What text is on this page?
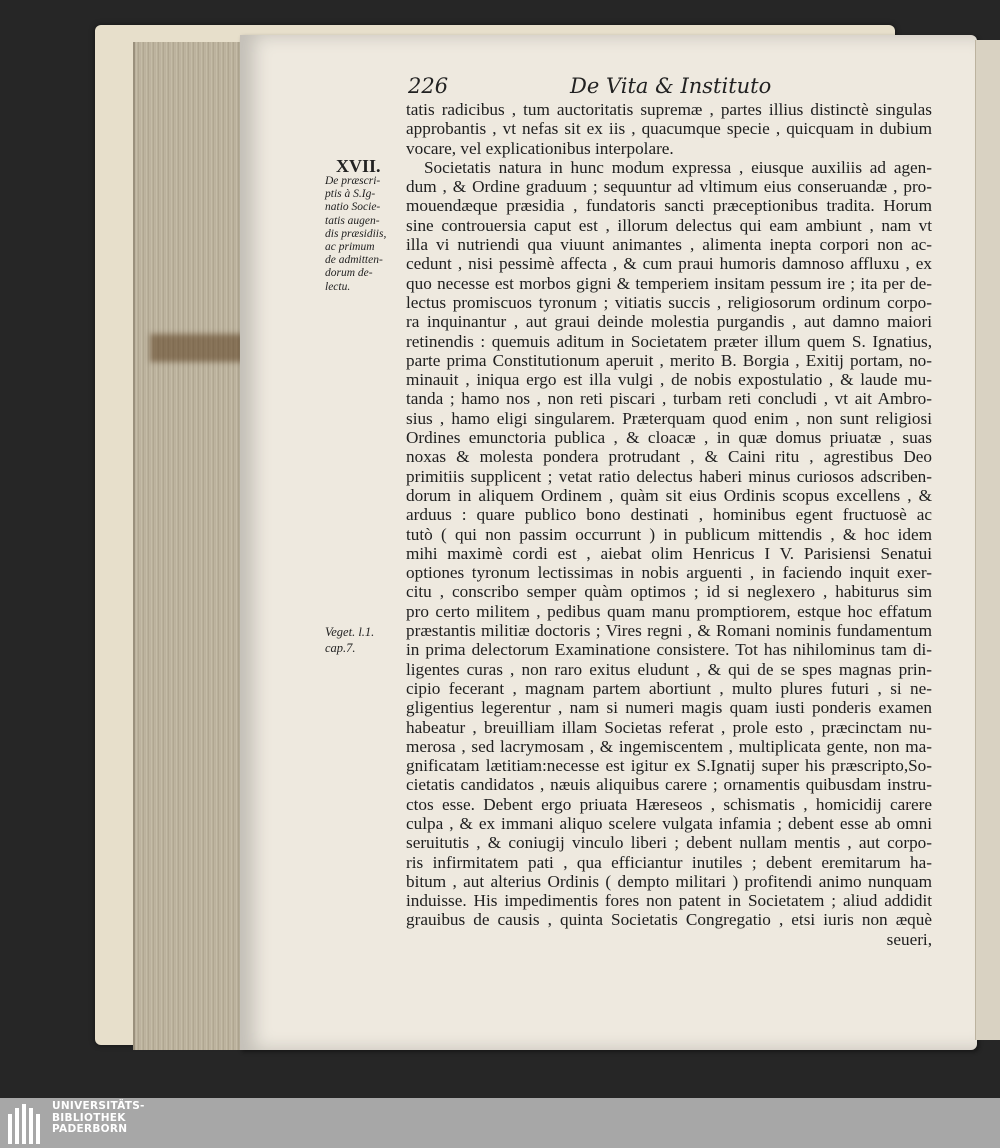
226	De Vita & Instituto
XVII.
De præscri-
ptis à S.Ig-
natio Socie-
tatis augen-
dis præsidiis,
ac primum
de admitten-
dorum de-
lectu.
Veget. l.1.
cap.7.
tatis radicibus , tum auctoritatis supremæ , partes illius distinctè singulas
approbantis , vt nefas sit ex iis , quacumque specie , quicquam in dubium
vocare, vel explicationibus interpolare.
Societatis natura in hunc modum expressa , eiusque auxiliis ad agen-
dum , & Ordine graduum ; sequuntur ad vltimum eius conseruandæ , pro-
mouendæque præsidia , fundatoris sancti præceptionibus tradita. Horum
sine controuersia caput est , illorum delectus qui eam ambiunt , nam vt
illa vi nutriendi qua viuunt animantes , alimenta inepta corpori non ac-
cedunt , nisi pessimè affecta , & cum praui humoris damnoso affluxu , ex
quo necesse est morbos gigni & temperiem insitam pessum ire ; ita per de-
lectus promiscuos tyronum ; vitiatis succis , religiosorum ordinum corpo-
ra inquinantur , aut graui deinde molestia purgandis , aut damno maiori
retinendis : quemuis aditum in Societatem præter illum quem S. Ignatius,
parte prima Constitutionum aperuit , merito B. Borgia , Exitij portam, no-
minauit , iniqua ergo est illa vulgi , de nobis expostulatio , & laude mu-
tanda ; hamo nos , non reti piscari , turbam reti concludi , vt ait Ambro-
sius , hamo eligi singularem. Præterquam quod enim , non sunt religiosi
Ordines emunctoria publica , & cloacæ , in quæ domus priuatæ , suas
noxas & molesta pondera protrudant , & Caini ritu , agrestibus Deo
primitiis supplicent ; vetat ratio delectus haberi minus curiosos adscriben-
dorum in aliquem Ordinem , quàm sit eius Ordinis scopus excellens , &
arduus : quare publico bono destinati , hominibus egent fructuosè ac
tutò ( qui non passim occurrunt ) in publicum mittendis , & hoc idem
mihi maximè cordi est , aiebat olim Henricus I V. Parisiensi Senatui
optiones tyronum lectissimas in nobis arguenti , in faciendo inquit exer-
citu , conscribo semper quàm optimos ; id si neglexero , habiturus sim
pro certo militem , pedibus quam manu promptiorem, estque hoc effatum
præstantis militiæ doctoris ; Vires regni , & Romani nominis fundamentum
in prima delectorum Examinatione consistere. Tot has nihilominus tam di-
ligentes curas , non raro exitus eludunt , & qui de se spes magnas prin-
cipio fecerant , magnam partem abortiunt , multo plures futuri , si ne-
gligentius legerentur , nam si numeri magis quam iusti ponderis examen
habeatur , breuilliam illam Societas referat , prole esto , præcinctam nu-
merosa , sed lacrymosam , & ingemiscentem , multiplicata gente, non ma-
gnificatam lætitiam:necesse est igitur ex S.Ignatij super his præscripto,So-
cietatis candidatos , næuis aliquibus carere ; ornamentis quibusdam instru-
ctos esse. Debent ergo priuata Hæreseos , schismatis , homicidij carere
culpa , & ex immani aliquo scelere vulgata infamia ; debent esse ab omni
seruitutis , & coniugij vinculo liberi ; debent nullam mentis , aut corpo-
ris infirmitatem pati , qua efficiantur inutiles ; debent eremitarum ha-
bitum , aut alterius Ordinis ( dempto militari ) profitendi animo nunquam
induisse. His impedimentis fores non patent in Societatem ; aliud addidit
grauibus de causis , quinta Societatis Congregatio , etsi iuris non æquè
seueri,
UNIVERSITÄTS-
BIBLIOTHEK
PADERBORN
